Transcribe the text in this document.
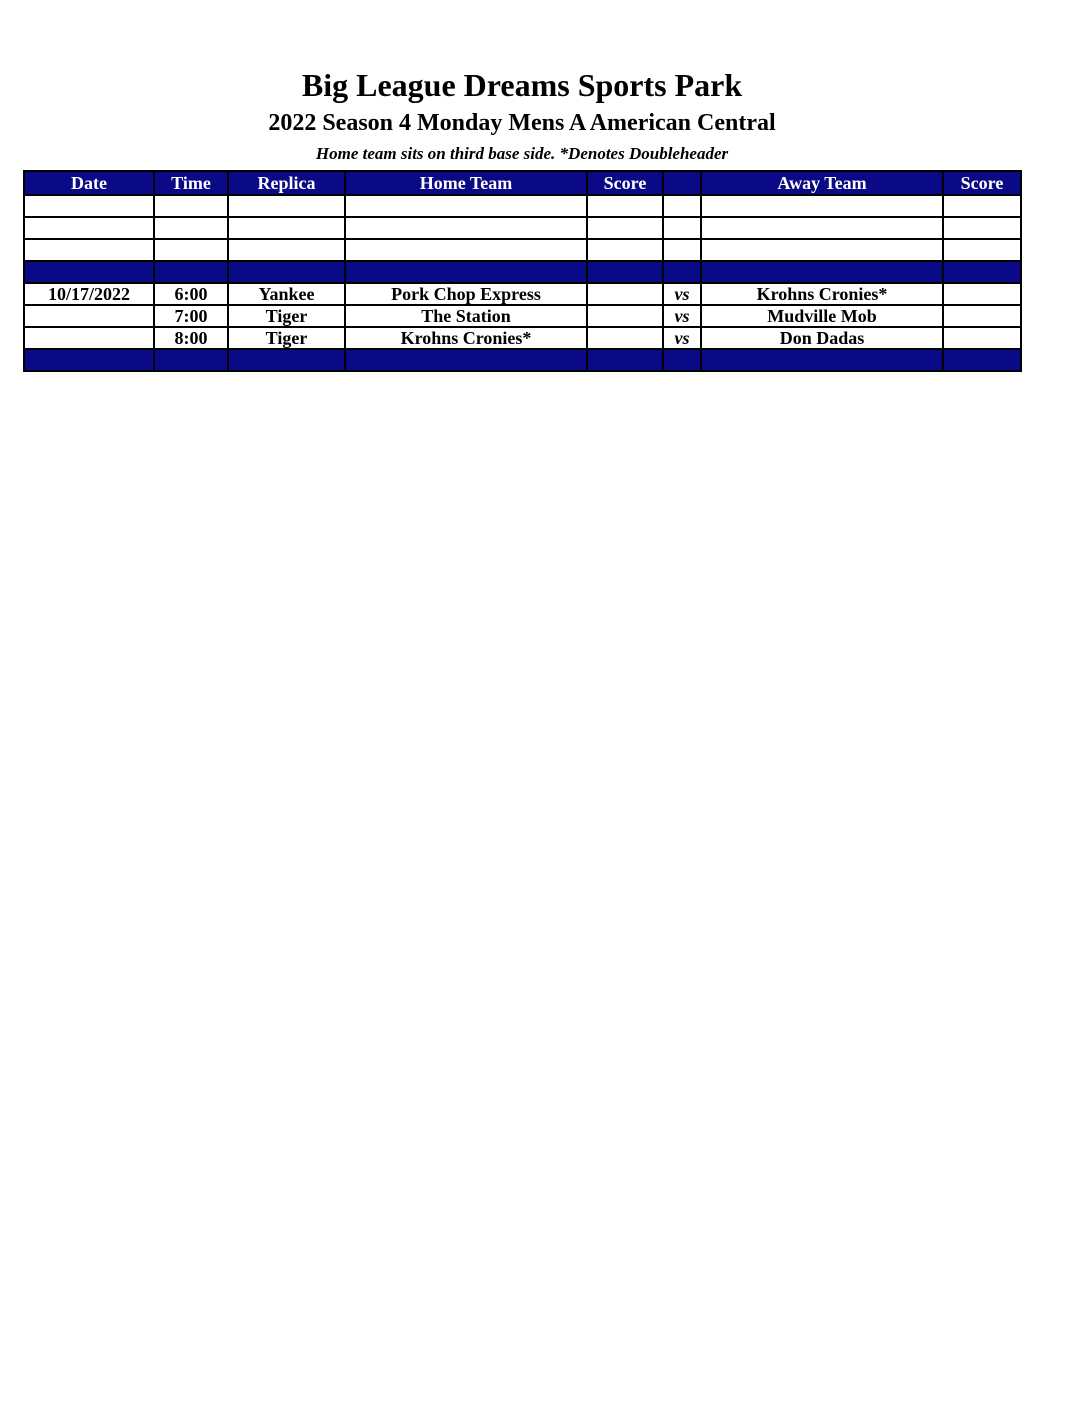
Big League Dreams Sports Park
2022 Season 4 Monday Mens A American Central
Home team sits on third base side. *Denotes Doubleheader
Date	Time	Replica	Home Team	Score		Away Team	Score

10/17/2022	6:00	Yankee	Pork Chop Express		vs	Krohns Cronies*	
	7:00	Tiger	The Station		vs	Mudville Mob	
	8:00	Tiger	Krohns Cronies*		vs	Don Dadas	
